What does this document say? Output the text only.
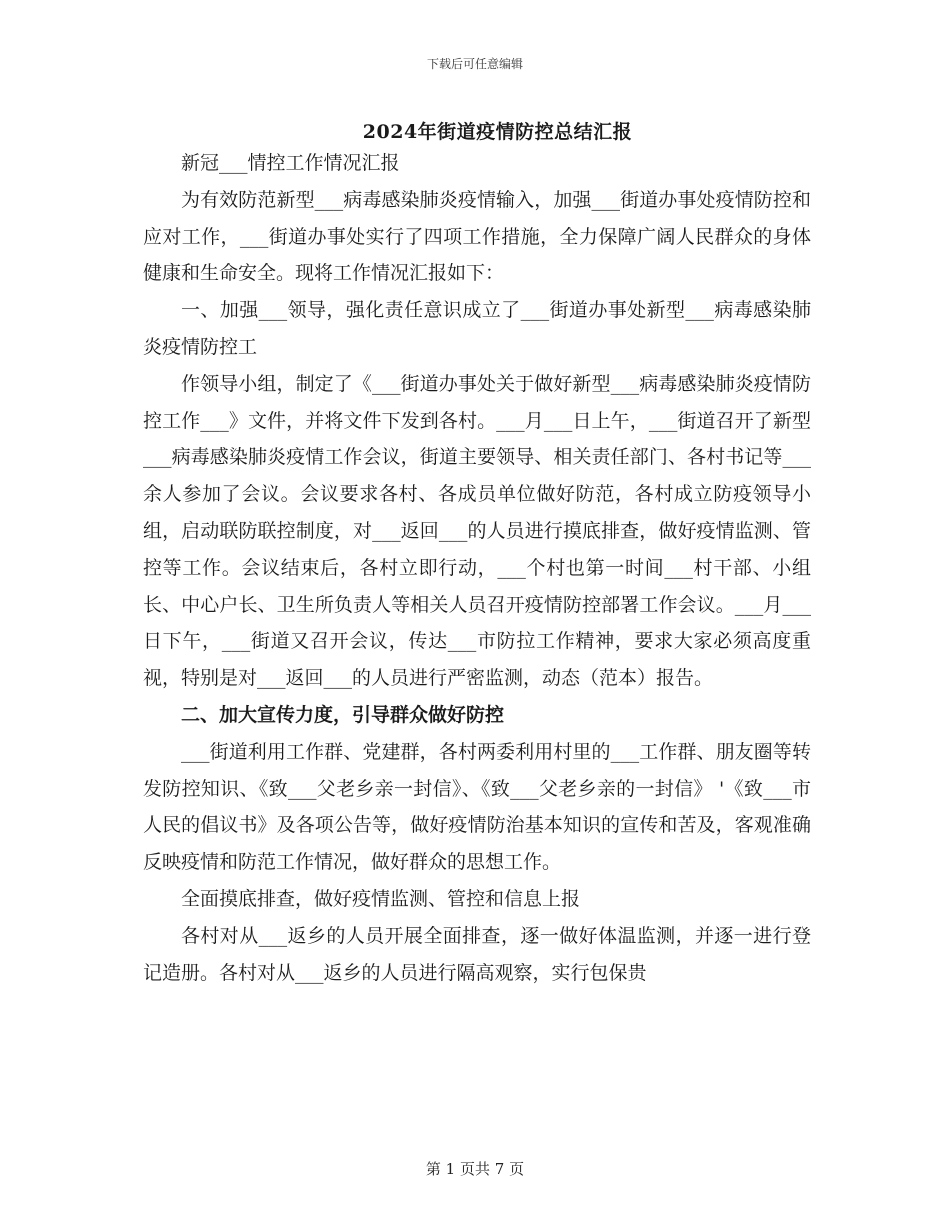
下载后可任意编辑
2024年街道疫情防控总结汇报

新冠___情控工作情况汇报

为有效防范新型___病毒感染肺炎疫情输入，加强___街道办事处疫情防控和应对工作，___街道办事处实行了四项工作措施，全力保障广阔人民群众的身体健康和生命安全。现将工作情况汇报如下：

一、加强___领导，强化责任意识成立了___街道办事处新型___病毒感染肺炎疫情防控工

作领导小组，制定了《___街道办事处关于做好新型___病毒感染肺炎疫情防控工作___》文件，并将文件下发到各村。___月___日上午，___街道召开了新型___病毒感染肺炎疫情工作会议，街道主要领导、相关责任部门、各村书记等___余人参加了会议。会议要求各村、各成员单位做好防范，各村成立防疫领导小组，启动联防联控制度，对___返回___的人员进行摸底排查，做好疫情监测、管控等工作。会议结束后，各村立即行动，___个村也第一时间___村干部、小组长、中心户长、卫生所负责人等相关人员召开疫情防控部署工作会议。___月___日下午，___街道又召开会议，传达___市防拉工作精神，要求大家必须高度重视，特别是对___返回___的人员进行严密监测，动态（范本）报告。

二、加大宣传力度，引导群众做好防控

___街道利用工作群、党建群，各村两委利用村里的___工作群、朋友圈等转发防控知识、《致___父老乡亲一封信》、《致___父老乡亲的一封信》 '《致___市人民的倡议书》及各项公告等，做好疫情防治基本知识的宣传和苦及，客观准确反映疫情和防范工作情况，做好群众的思想工作。

全面摸底排查，做好疫情监测、管控和信息上报

各村对从___返乡的人员开展全面排查，逐一做好体温监测，并逐一进行登记造册。各村对从___返乡的人员进行隔高观察，实行包保贵

第 1 页共 7 页
